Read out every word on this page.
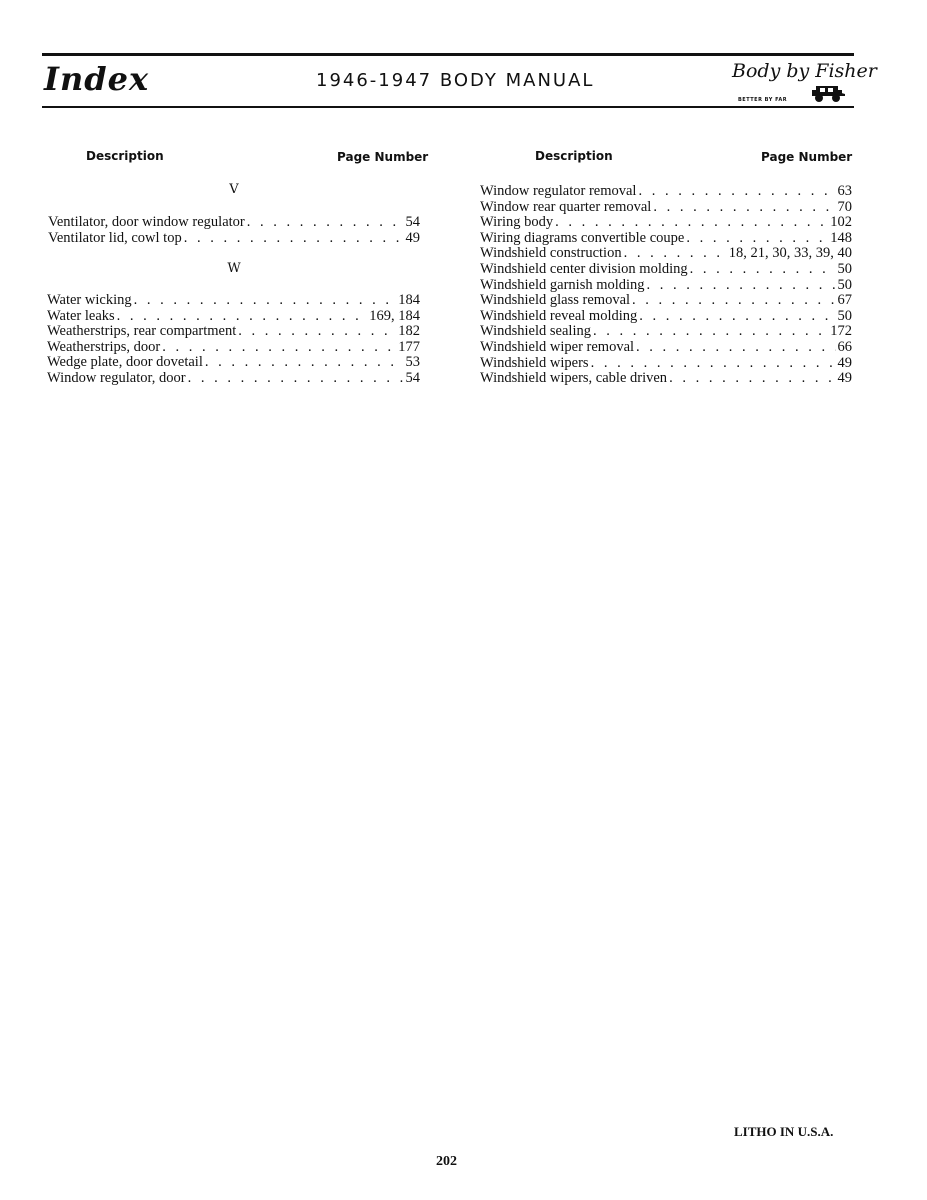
Index	1946-1947 BODY MANUAL	Body by Fisher
BETTER BY FAR
Description	Page Number
V
Ventilator, door window regulator . . .	54
Ventilator lid, cowl top . . .	49
W
Water wicking . . .	184
Water leaks . . .	169, 184
Weatherstrips, rear compartment . . .	182
Weatherstrips, door . . .	177
Wedge plate, door dovetail . . .	53
Window regulator, door . . .	54
Description	Page Number
Window regulator removal . . .	63
Window rear quarter removal . . .	70
Wiring body . . .	102
Wiring diagrams convertible coupe . . .	148
Windshield construction . . .	18, 21, 30, 33, 39, 40
Windshield center division molding . . .	50
Windshield garnish molding . . .	50
Windshield glass removal . . .	67
Windshield reveal molding . . .	50
Windshield sealing . . .	172
Windshield wiper removal . . .	66
Windshield wipers . . .	49
Windshield wipers, cable driven . . .	49
LITHO IN U.S.A.
202
